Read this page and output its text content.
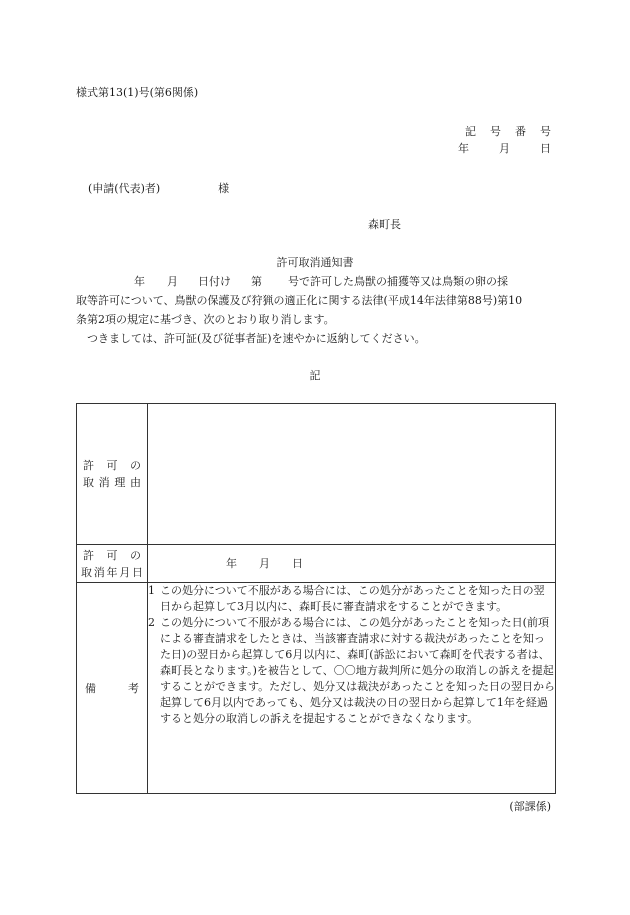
様式第13(1)号(第6関係)
記 号 番 号
年	月	日
(申請(代表)者)	様
森町長
許可取消通知書
年 月 日付け 第 号で許可した鳥獣の捕獲等又は鳥類の卵の採
取等許可について、鳥獣の保護及び狩猟の適正化に関する法律(平成14年法律第88号)第10
条第2項の規定に基づき、次のとおり取り消します。
つきましては、許可証(及び従事者証)を速やかに返納してください。
記
許可の
取消理由	

許可の
取消年月日	年 月 日

備考	1 この処分について不服がある場合には、この処分があったことを知った日の翌日から起算して3月以内に、森町長に審査請求をすることができます。
2 この処分について不服がある場合には、この処分があったことを知った日(前項による審査請求をしたときは、当該審査請求に対する裁決があったことを知った日)の翌日から起算して6月以内に、森町(訴訟において森町を代表する者は、森町長となります。)を被告として、〇〇地方裁判所に処分の取消しの訴えを提起することができます。ただし、処分又は裁決があったことを知った日の翌日から起算して6月以内であっても、処分又は裁決の日の翌日から起算して1年を経過すると処分の取消しの訴えを提起することができなくなります。
(部課係)
